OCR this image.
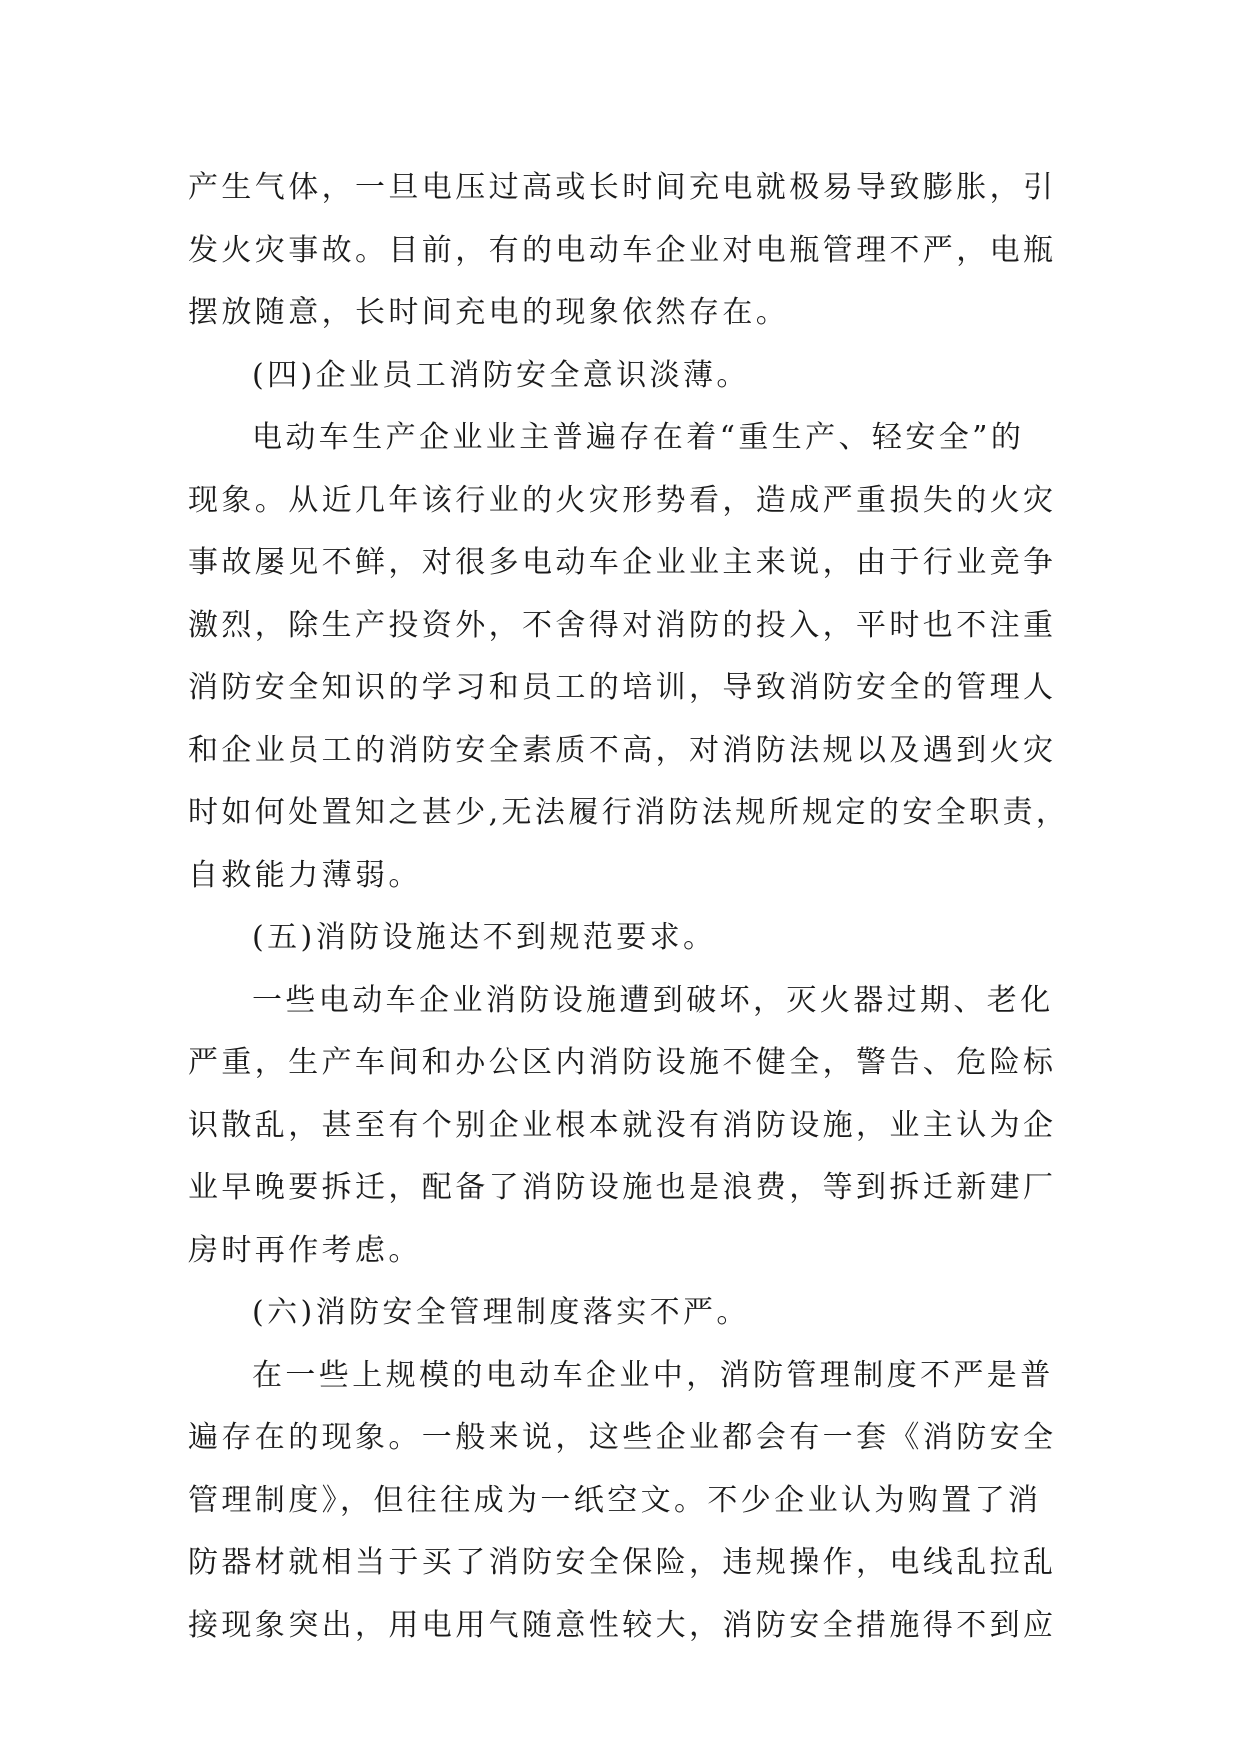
产生气体，一旦电压过高或长时间充电就极易导致膨胀，引
发火灾事故。目前，有的电动车企业对电瓶管理不严，电瓶
摆放随意，长时间充电的现象依然存在。
(四)企业员工消防安全意识淡薄。
电动车生产企业业主普遍存在着“重生产、轻安全”的
现象。从近几年该行业的火灾形势看，造成严重损失的火灾
事故屡见不鲜，对很多电动车企业业主来说，由于行业竞争
激烈，除生产投资外，不舍得对消防的投入，平时也不注重
消防安全知识的学习和员工的培训，导致消防安全的管理人
和企业员工的消防安全素质不高，对消防法规以及遇到火灾
时如何处置知之甚少,无法履行消防法规所规定的安全职责，
自救能力薄弱。
(五)消防设施达不到规范要求。
一些电动车企业消防设施遭到破坏，灭火器过期、老化
严重，生产车间和办公区内消防设施不健全，警告、危险标
识散乱，甚至有个别企业根本就没有消防设施，业主认为企
业早晚要拆迁，配备了消防设施也是浪费，等到拆迁新建厂
房时再作考虑。
(六)消防安全管理制度落实不严。
在一些上规模的电动车企业中，消防管理制度不严是普
遍存在的现象。一般来说，这些企业都会有一套《消防安全
管理制度》，但往往成为一纸空文。不少企业认为购置了消
防器材就相当于买了消防安全保险，违规操作，电线乱拉乱
接现象突出，用电用气随意性较大，消防安全措施得不到应
